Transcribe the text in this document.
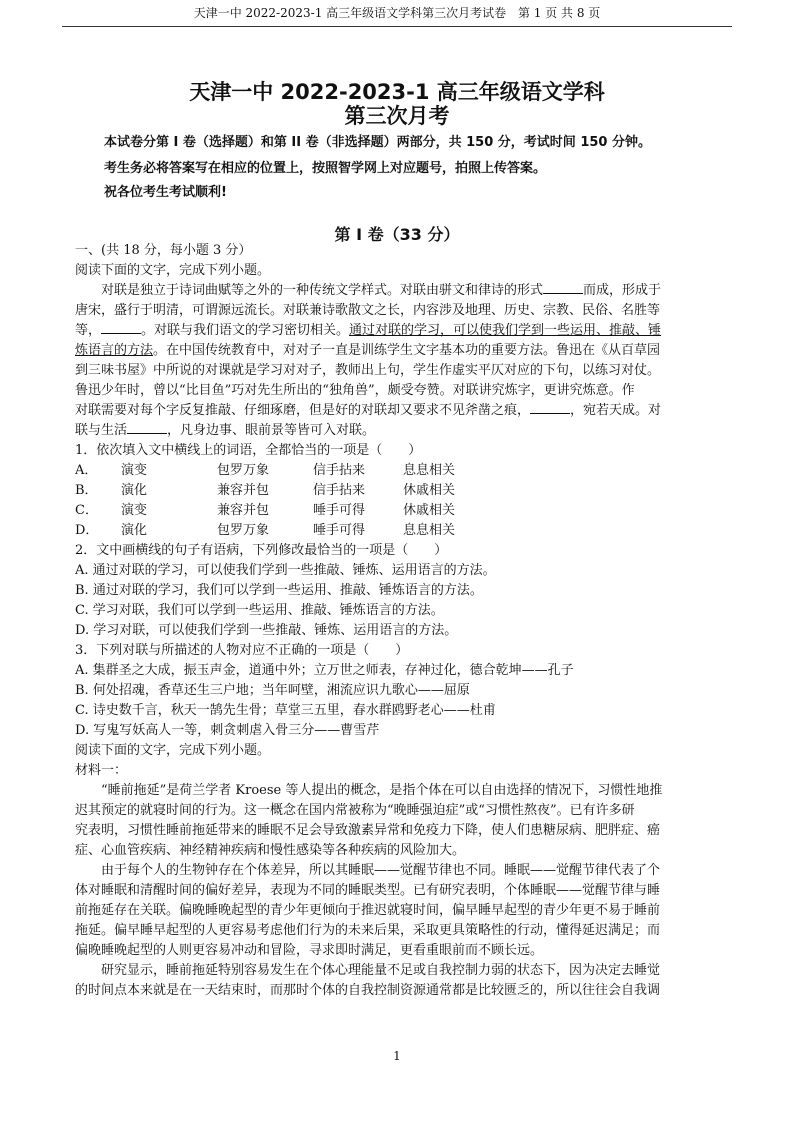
天津一中 2022-2023-1 高三年级语文学科第三次月考试卷 第 1 页 共 8 页
天津一中 2022-2023-1 高三年级语文学科
第三次月考
本试卷分第 I 卷（选择题）和第 II 卷（非选择题）两部分，共 150 分，考试时间 150 分钟。
考生务必将答案写在相应的位置上，按照智学网上对应题号，拍照上传答案。
祝各位考生考试顺利!
第 I 卷（33 分）
一、(共 18 分，每小题 3 分）
阅读下面的文字，完成下列小题。
对联是独立于诗词曲赋等之外的一种传统文学样式。对联由骈文和律诗的形式	而成，形成于
唐宋，盛行于明清，可谓源远流长。对联兼诗歌散文之长，内容涉及地理、历史、宗教、民俗、名胜等
等，	。对联与我们语文的学习密切相关。通过对联的学习，可以使我们学到一些运用、推敲、锤
炼语言的方法。在中国传统教育中，对对子一直是训练学生文字基本功的重要方法。鲁迅在《从百草园
到三味书屋》中所说的对课就是学习对对子，教师出上句，学生作虚实平仄对应的下句，以练习对仗。
鲁迅少年时，曾以“比目鱼”巧对先生所出的“独角兽”，颇受夸赞。对联讲究炼字，更讲究炼意。作
对联需要对每个字反复推敲、仔细琢磨，但是好的对联却又要求不见斧凿之痕，	，宛若天成。对
联与生活	，凡身边事、眼前景等皆可入对联。
1．依次填入文中横线上的词语，全都恰当的一项是（　　）
A．	演变	包罗万象	信手拈来	息息相关
B．	演化	兼容并包	信手拈来	休戚相关
C．	演变	兼容并包	唾手可得	休戚相关
D．	演化	包罗万象	唾手可得	息息相关
2．文中画横线的句子有语病，下列修改最恰当的一项是（　　）
A. 通过对联的学习，可以使我们学到一些推敲、锤炼、运用语言的方法。
B. 通过对联的学习，我们可以学到一些运用、推敲、锤炼语言的方法。
C. 学习对联，我们可以学到一些运用、推敲、锤炼语言的方法。
D. 学习对联，可以使我们学到一些推敲、锤炼、运用语言的方法。
3．下列对联与所描述的人物对应不正确的一项是（　　）
A. 集群圣之大成，振玉声金，道通中外；立万世之师表，存神过化，德合乾坤——孔子
B. 何处招魂，香草还生三户地；当年呵壁，湘流应识九歌心——屈原
C. 诗史数千言，秋天一鹄先生骨；草堂三五里，春水群鸥野老心——杜甫
D. 写鬼写妖高人一等，刺贪刺虐入骨三分——曹雪芹
阅读下面的文字，完成下列小题。
材料一：
“睡前拖延”是荷兰学者 Kroese 等人提出的概念，是指个体在可以自由选择的情况下，习惯性地推
迟其预定的就寝时间的行为。这一概念在国内常被称为“晚睡强迫症”或“习惯性熬夜”。已有许多研
究表明，习惯性睡前拖延带来的睡眠不足会导致激素异常和免疫力下降，使人们患糖尿病、肥胖症、癌
症、心血管疾病、神经精神疾病和慢性感染等各种疾病的风险加大。
由于每个人的生物钟存在个体差异，所以其睡眠——觉醒节律也不同。睡眠——觉醒节律代表了个
体对睡眠和清醒时间的偏好差异，表现为不同的睡眠类型。已有研究表明，个体睡眠——觉醒节律与睡
前拖延存在关联。偏晚睡晚起型的青少年更倾向于推迟就寝时间，偏早睡早起型的青少年更不易于睡前
拖延。偏早睡早起型的人更容易考虑他们行为的未来后果，采取更具策略性的行动，懂得延迟满足；而
偏晚睡晚起型的人则更容易冲动和冒险，寻求即时满足，更看重眼前而不顾长远。
研究显示，睡前拖延特别容易发生在个体心理能量不足或自我控制力弱的状态下，因为决定去睡觉
的时间点本来就是在一天结束时，而那时个体的自我控制资源通常都是比较匮乏的，所以往往会自我调
1
